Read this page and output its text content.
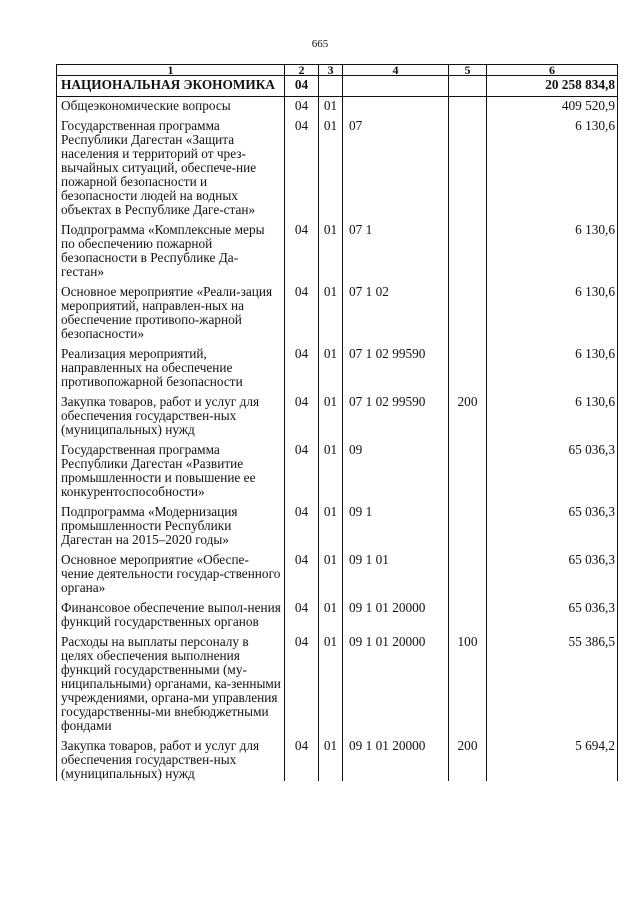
665
1	2	3	4	5	6
НАЦИОНАЛЬНАЯ ЭКОНОМИКА	04				20 258 834,8
Общеэкономические вопросы	04	01			409 520,9
Государственная программа Республики Дагестан «Защита населения и территорий от чрез-вычайных ситуаций, обеспече-ние пожарной безопасности и безопасности людей на водных объектах в Республике Даге-стан»	04	01	07		6 130,6
Подпрограмма «Комплексные меры по обеспечению пожарной безопасности в Республике Да-гестан»	04	01	07 1		6 130,6
Основное мероприятие «Реали-зация мероприятий, направлен-ных на обеспечение противопо-жарной безопасности»	04	01	07 1 02		6 130,6
Реализация мероприятий, направленных на обеспечение противопожарной безопасности	04	01	07 1 02 99590		6 130,6
Закупка товаров, работ и услуг для обеспечения государствен-ных (муниципальных) нужд	04	01	07 1 02 99590	200	6 130,6
Государственная программа Республики Дагестан «Развитие промышленности и повышение ее конкурентоспособности»	04	01	09		65 036,3
Подпрограмма «Модернизация промышленности Республики Дагестан на 2015–2020 годы»	04	01	09 1		65 036,3
Основное мероприятие «Обеспе-чение деятельности государ-ственного органа»	04	01	09 1 01		65 036,3
Финансовое обеспечение выпол-нения функций государственных органов	04	01	09 1 01 20000		65 036,3
Расходы на выплаты персоналу в целях обеспечения выполнения функций государственными (му-ниципальными) органами, ка-зенными учреждениями, органа-ми управления государственны-ми внебюджетными фондами	04	01	09 1 01 20000	100	55 386,5
Закупка товаров, работ и услуг для обеспечения государствен-ных (муниципальных) нужд	04	01	09 1 01 20000	200	5 694,2
